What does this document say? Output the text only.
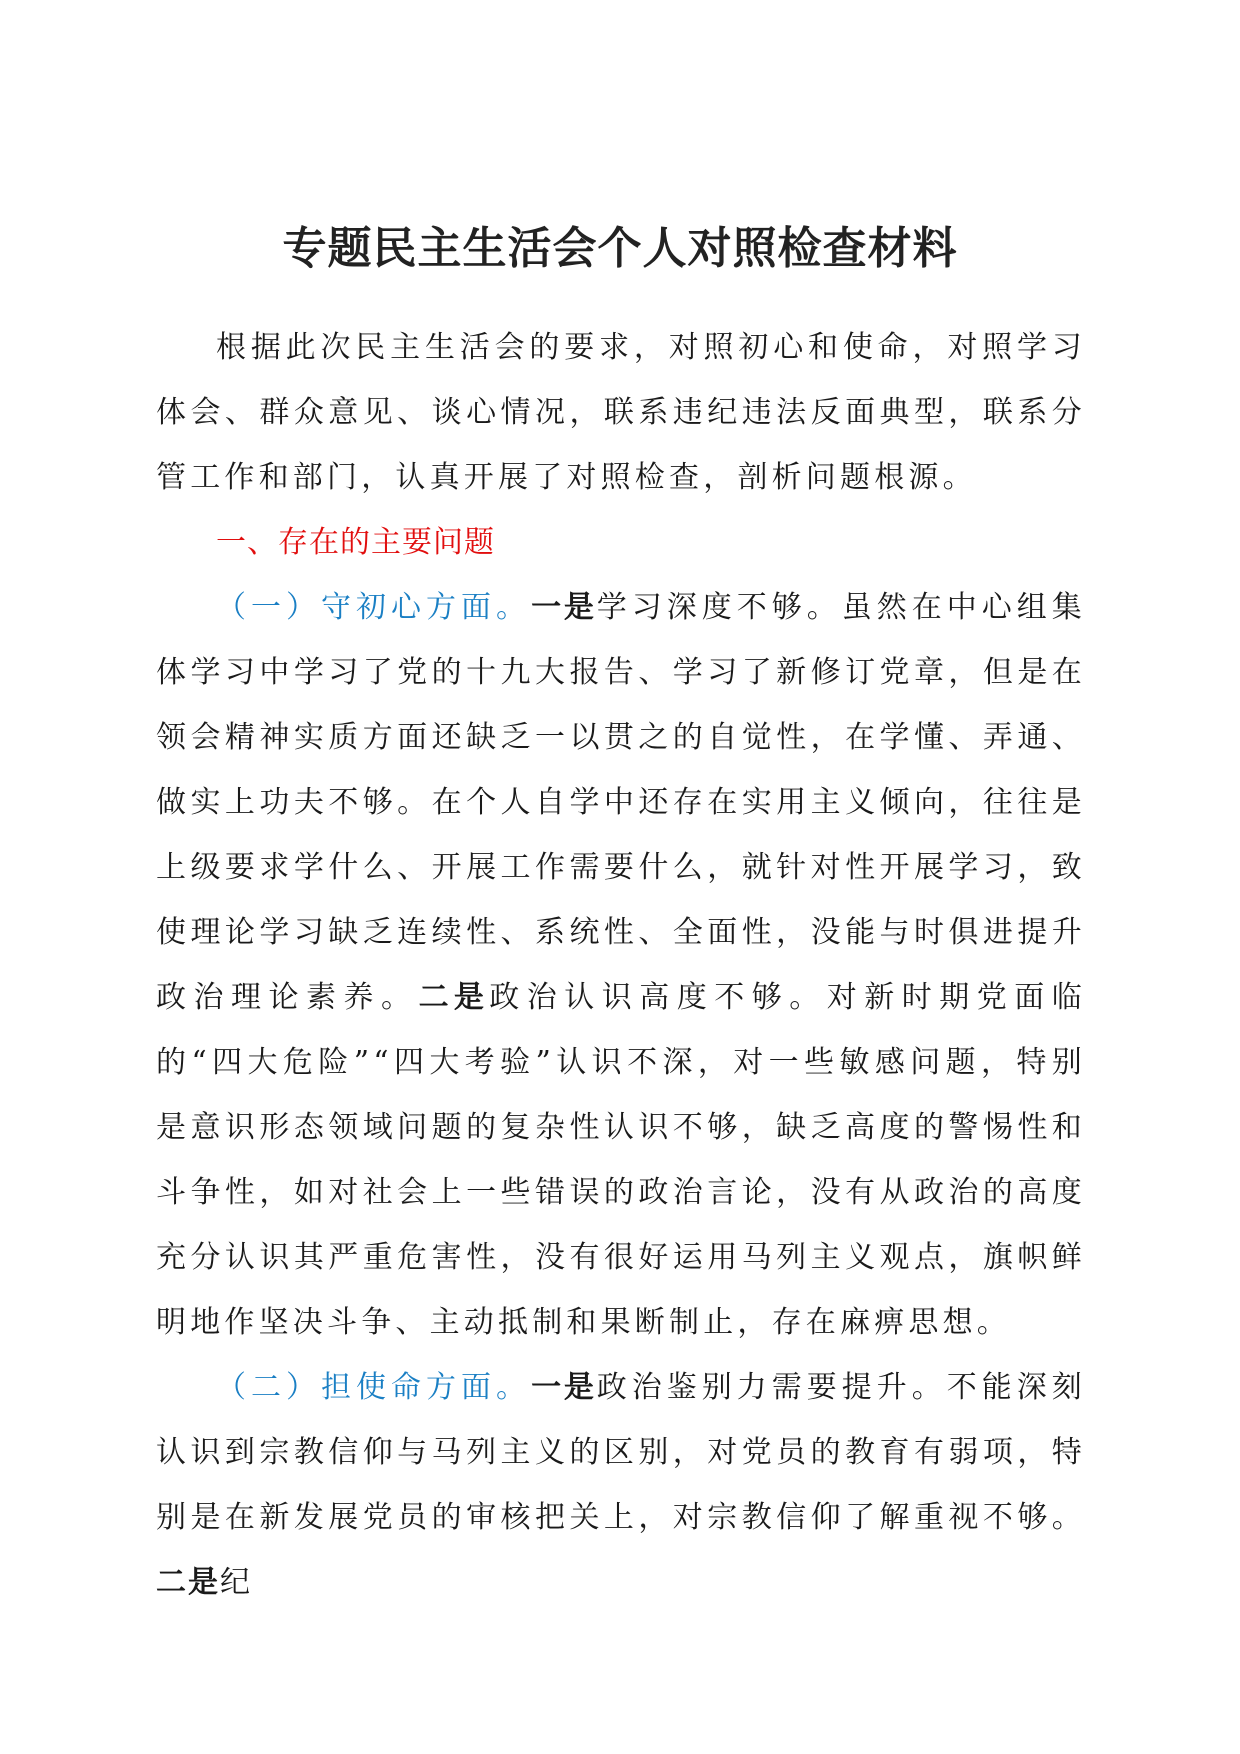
专题民主生活会个人对照检查材料

根据此次民主生活会的要求，对照初心和使命，对照学习体会、群众意见、谈心情况，联系违纪违法反面典型，联系分管工作和部门，认真开展了对照检查，剖析问题根源。

一、存在的主要问题

（一）守初心方面。一是学习深度不够。虽然在中心组集体学习中学习了党的十九大报告、学习了新修订党章，但是在领会精神实质方面还缺乏一以贯之的自觉性，在学懂、弄通、做实上功夫不够。在个人自学中还存在实用主义倾向，往往是上级要求学什么、开展工作需要什么，就针对性开展学习，致使理论学习缺乏连续性、系统性、全面性，没能与时俱进提升政治理论素养。二是政治认识高度不够。对新时期党面临的“四大危险”“四大考验”认识不深，对一些敏感问题，特别是意识形态领域问题的复杂性认识不够，缺乏高度的警惕性和斗争性，如对社会上一些错误的政治言论，没有从政治的高度充分认识其严重危害性，没有很好运用马列主义观点，旗帜鲜明地作坚决斗争、主动抵制和果断制止，存在麻痹思想。

（二）担使命方面。一是政治鉴别力需要提升。不能深刻认识到宗教信仰与马列主义的区别，对党员的教育有弱项，特别是在新发展党员的审核把关上，对宗教信仰了解重视不够。二是纪
